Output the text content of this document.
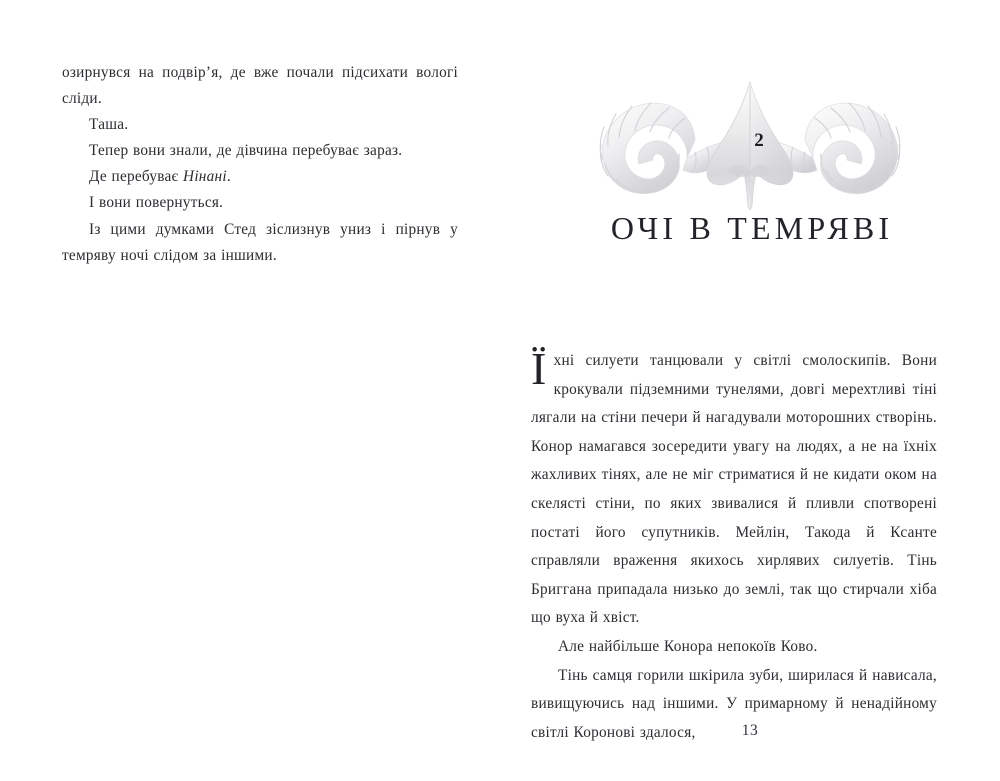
озирнувся на подвір’я, де вже почали підсихати вологі сліди.

Таша.

Тепер вони знали, де дівчина перебуває зараз.

Де перебуває Нінані.

І вони повернуться.

Із цими думками Стед зіслизнув униз і пірнув у темряву ночі слідом за іншими.

2
ОЧІ В ТЕМРЯВІ

Їхні силуети танцювали у світлі смолоскипів. Вони крокували підземними тунелями, довгі мерехтливі тіні лягали на стіни печери й нагадували моторошних створінь. Конор намагався зосередити увагу на людях, а не на їхніх жахливих тінях, але не міг стриматися й не кидати оком на скелясті стіни, по яких звивалися й пливли спотворені постаті його супутників. Мейлін, Такода й Ксанте справляли враження якихось хирлявих силуетів. Тінь Бриггана припадала низько до землі, так що стирчали хіба що вуха й хвіст.

Але найбільше Конора непокоїв Ково.

Тінь самця горили шкірила зуби, ширилася й нависала, вивищуючись над іншими. У примарному й ненадійному світлі Коронові здалося,	13
